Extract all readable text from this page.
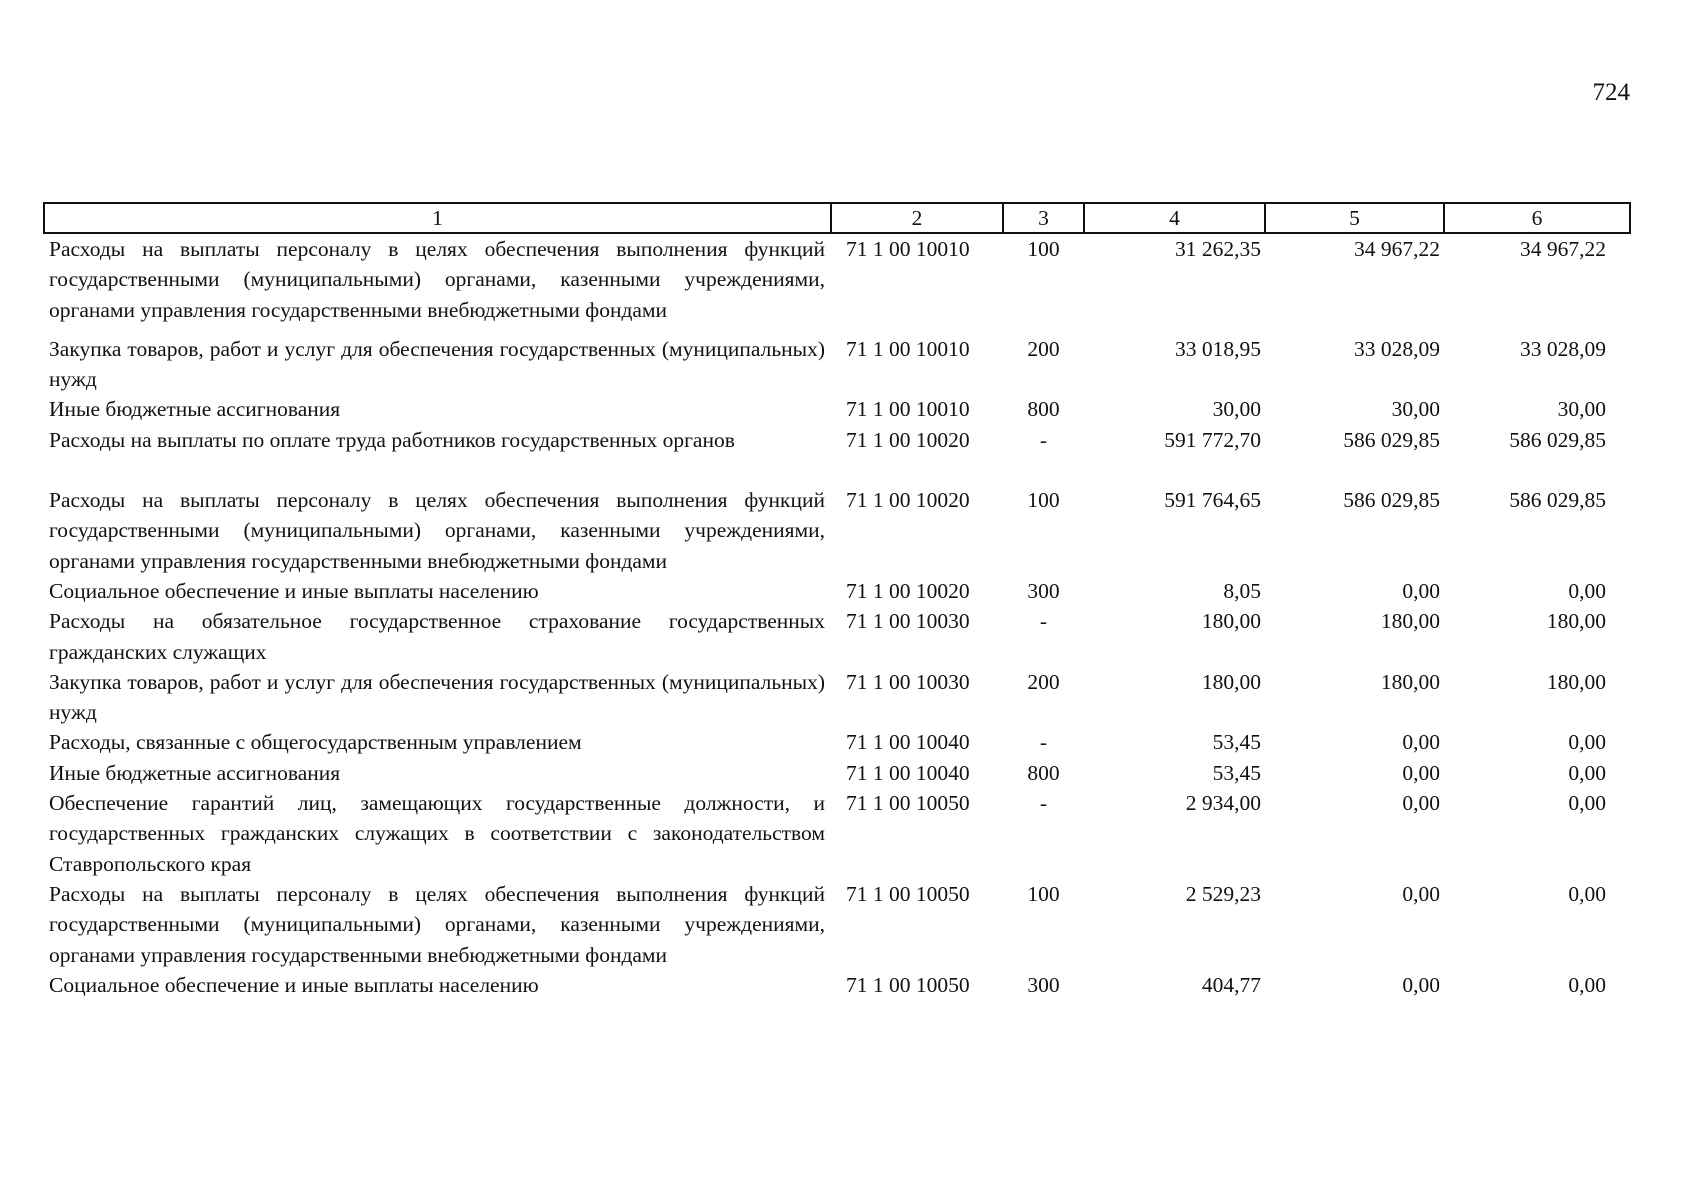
724
1	2	3	4	5	6
Расходы на выплаты персоналу в целях обеспечения выполнения функций государственными (муниципальными) органами, казенными учреждениями, органами управления государственными внебюджетными фондами	71 1 00 10010	100	31 262,35	34 967,22	34 967,22
Закупка товаров, работ и услуг для обеспечения государственных (муниципальных) нужд	71 1 00 10010	200	33 018,95	33 028,09	33 028,09
Иные бюджетные ассигнования	71 1 00 10010	800	30,00	30,00	30,00
Расходы на выплаты по оплате труда работников государственных органов	71 1 00 10020	-	591 772,70	586 029,85	586 029,85
Расходы на выплаты персоналу в целях обеспечения выполнения функций государственными (муниципальными) органами, казенными учреждениями, органами управления государственными внебюджетными фондами	71 1 00 10020	100	591 764,65	586 029,85	586 029,85
Социальное обеспечение и иные выплаты населению	71 1 00 10020	300	8,05	0,00	0,00
Расходы на обязательное государственное страхование государственных гражданских служащих	71 1 00 10030	-	180,00	180,00	180,00
Закупка товаров, работ и услуг для обеспечения государственных (муниципальных) нужд	71 1 00 10030	200	180,00	180,00	180,00
Расходы, связанные с общегосударственным управлением	71 1 00 10040	-	53,45	0,00	0,00
Иные бюджетные ассигнования	71 1 00 10040	800	53,45	0,00	0,00
Обеспечение гарантий лиц, замещающих государственные должности, и государственных гражданских служащих в соответствии с законодательством Ставропольского края	71 1 00 10050	-	2 934,00	0,00	0,00
Расходы на выплаты персоналу в целях обеспечения выполнения функций государственными (муниципальными) органами, казенными учреждениями, органами управления государственными внебюджетными фондами	71 1 00 10050	100	2 529,23	0,00	0,00
Социальное обеспечение и иные выплаты населению	71 1 00 10050	300	404,77	0,00	0,00
